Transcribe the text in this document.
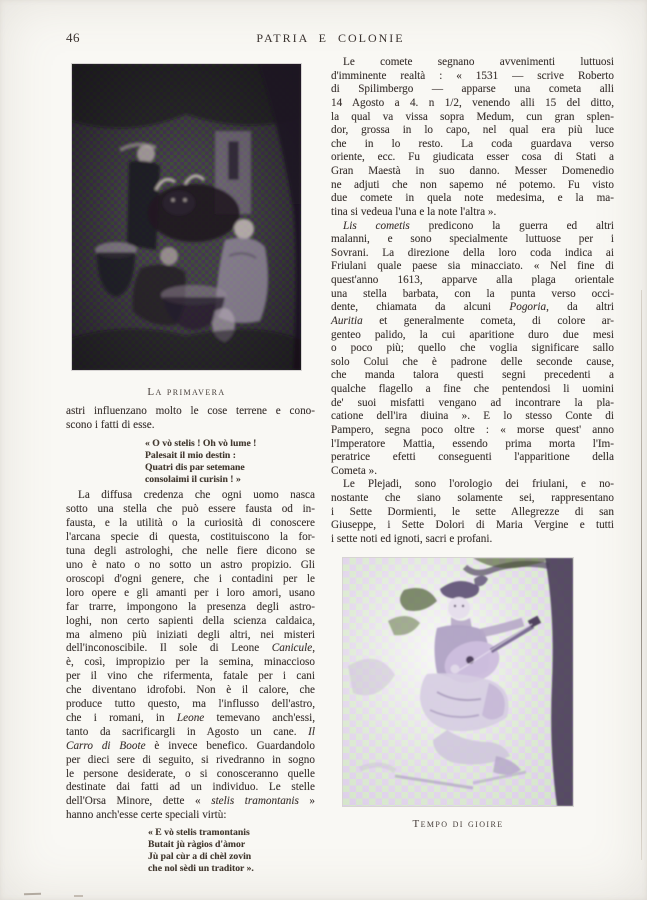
46	PATRIA E COLONIE
La primavera
astri influenzano molto le cose terrene e cono-
scono i fatti di esse.
« O vò stelis ! Oh vò lume !
Palesait il mio destin :
Quatri dis par setemane
consolaimi il curisin ! »
La diffusa credenza che ogni uomo nasca
sotto una stella che può essere fausta od in-
fausta, e la utilità o la curiosità di conoscere
l'arcana specie di questa, costituiscono la for-
tuna degli astrologhi, che nelle fiere dicono se
uno è nato o no sotto un astro propizio. Gli
oroscopi d'ogni genere, che i contadini per le
loro opere e gli amanti per i loro amori, usano
far trarre, impongono la presenza degli astro-
loghi, non certo sapienti della scienza caldaica,
ma almeno più iniziati degli altri, nei misteri
dell'inconoscibile. Il sole di Leone Canicule,
è, così, impropizio per la semina, minaccioso
per il vino che rifermenta, fatale per i cani
che diventano idrofobi. Non è il calore, che
produce tutto questo, ma l'influsso dell'astro,
che i romani, in Leone temevano anch'essi,
tanto da sacrificargli in Agosto un cane. Il
Carro di Boote è invece benefico. Guardandolo
per dieci sere di seguito, si rivedranno in sogno
le persone desiderate, o si conosceranno quelle
destinate dai fatti ad un individuo. Le stelle
dell'Orsa Minore, dette « stelis tramontanis »
hanno anch'esse certe speciali virtù:
« E vò stelis tramontanis
Butait jù ràgios d'àmor
Jù pal cùr a di chèl zovin
che nol sèdi un traditor ».
Le comete segnano avvenimenti luttuosi
d'imminente realtà : « 1531 — scrive Roberto
di Spilimbergo — apparse una cometa alli
14 Agosto a 4. n 1/2, venendo alli 15 del ditto,
la qual va vissa sopra Medum, cun gran splen-
dor, grossa in lo capo, nel qual era più luce
che in lo resto. La coda guardava verso
oriente, ecc. Fu giudicata esser cosa di Stati a
Gran Maestà in suo danno. Messer Domenedio
ne adjuti che non sapemo né potemo. Fu visto
due comete in quela note medesima, e la ma-
tina si vedeua l'una e la note l'altra ».
Lis cometis predicono la guerra ed altri
malanni, e sono specialmente luttuose per i
Sovrani. La direzione della loro coda indica ai
Friulani quale paese sia minacciato. « Nel fine di
quest'anno 1613, apparve alla plaga orientale
una stella barbata, con la punta verso occi-
dente, chiamata da alcuni Pogoria, da altri
Auritia et generalmente cometa, di colore ar-
genteo palido, la cui aparitione duro due mesi
o poco più; quello che voglia significare sallo
solo Colui che è padrone delle seconde cause,
che manda talora questi segni precedenti a
qualche flagello a fine che pentendosi li uomini
de' suoi misfatti vengano ad incontrare la pla-
catione dell'ira diuina ». E lo stesso Conte di
Pampero, segna poco oltre : « morse quest' anno
l'Imperatore Mattia, essendo prima morta l'Im-
peratrice efetti conseguenti l'apparitione della
Cometa ».
Le Plejadi, sono l'orologio dei friulani, e no-
nostante che siano solamente sei, rappresentano
i Sette Dormienti, le sette Allegrezze di san
Giuseppe, i Sette Dolori di Maria Vergine e tutti
i sette noti ed ignoti, sacri e profani.
Tempo di gioire
